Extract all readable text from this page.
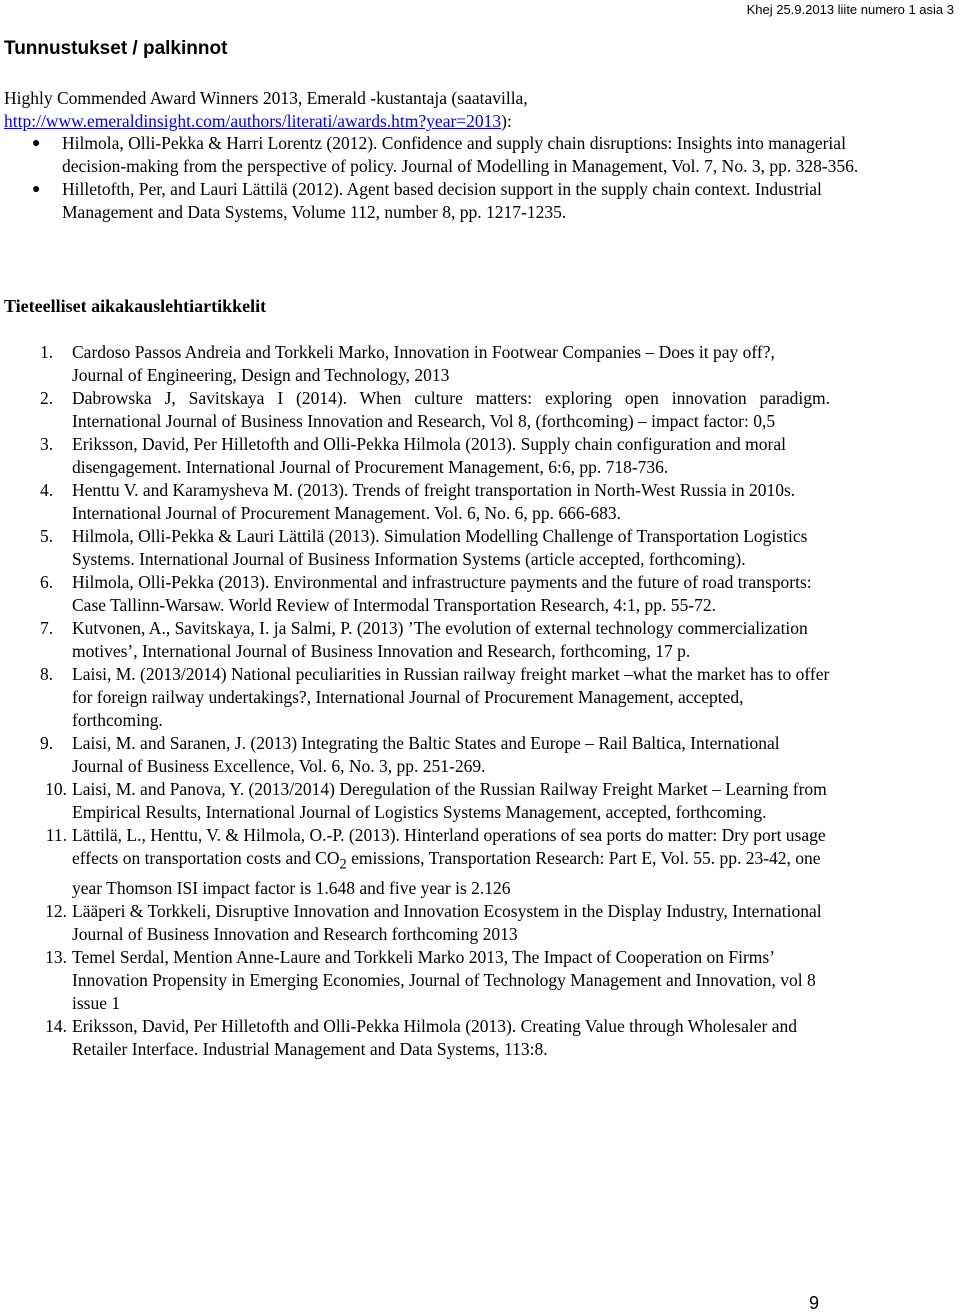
Khej 25.9.2013 liite numero 1 asia 3
Tunnustukset / palkinnot
Highly Commended Award Winners 2013, Emerald -kustantaja (saatavilla, http://www.emeraldinsight.com/authors/literati/awards.htm?year=2013):
● Hilmola, Olli-Pekka & Harri Lorentz (2012). Confidence and supply chain disruptions: Insights into managerial decision-making from the perspective of policy. Journal of Modelling in Management, Vol. 7, No. 3, pp. 328-356.
● Hilletofth, Per, and Lauri Lättilä (2012). Agent based decision support in the supply chain context. Industrial Management and Data Systems, Volume 112, number 8, pp. 1217-1235.
Tieteelliset aikakauslehtiartikkelit
1.	Cardoso Passos Andreia and Torkkeli Marko, Innovation in Footwear Companies – Does it pay off?, Journal of Engineering, Design and Technology, 2013
2.	Dabrowska J, Savitskaya I (2014). When culture matters: exploring open innovation paradigm. International Journal of Business Innovation and Research, Vol 8, (forthcoming) – impact factor: 0,5
3.	Eriksson, David, Per Hilletofth and Olli-Pekka Hilmola (2013). Supply chain configuration and moral disengagement. International Journal of Procurement Management, 6:6, pp. 718-736.
4.	Henttu V. and Karamysheva M. (2013). Trends of freight transportation in North-West Russia in 2010s. International Journal of Procurement Management. Vol. 6, No. 6, pp. 666-683.
5.	Hilmola, Olli-Pekka & Lauri Lättilä (2013). Simulation Modelling Challenge of Transportation Logistics Systems. International Journal of Business Information Systems (article accepted, forthcoming).
6.	Hilmola, Olli-Pekka (2013). Environmental and infrastructure payments and the future of road transports: Case Tallinn-Warsaw. World Review of Intermodal Transportation Research, 4:1, pp. 55-72.
7.	Kutvonen, A., Savitskaya, I. ja Salmi, P. (2013) ’The evolution of external technology commercialization motives’, International Journal of Business Innovation and Research, forthcoming, 17 p.
8.	Laisi, M. (2013/2014) National peculiarities in Russian railway freight market –what the market has to offer for foreign railway undertakings?, International Journal of Procurement Management, accepted, forthcoming.
9.	Laisi, M. and Saranen, J. (2013) Integrating the Baltic States and Europe – Rail Baltica, International Journal of Business Excellence, Vol. 6, No. 3, pp. 251-269.
10. Laisi, M. and Panova, Y. (2013/2014) Deregulation of the Russian Railway Freight Market – Learning from Empirical Results, International Journal of Logistics Systems Management, accepted, forthcoming.
11. Lättilä, L., Henttu, V. & Hilmola, O.-P. (2013). Hinterland operations of sea ports do matter: Dry port usage effects on transportation costs and $CO_2$ emissions, Transportation Research: Part E, Vol. 55. pp. 23-42, one year Thomson ISI impact factor is 1.648 and five year is 2.126
12. Lääperi & Torkkeli, Disruptive Innovation and Innovation Ecosystem in the Display Industry, International Journal of Business Innovation and Research forthcoming 2013
13. Temel Serdal, Mention Anne-Laure and Torkkeli Marko 2013, The Impact of Cooperation on Firms’ Innovation Propensity in Emerging Economies, Journal of Technology Management and Innovation, vol 8 issue 1
14. Eriksson, David, Per Hilletofth and Olli-Pekka Hilmola (2013). Creating Value through Wholesaler and Retailer Interface. Industrial Management and Data Systems, 113:8.
9
